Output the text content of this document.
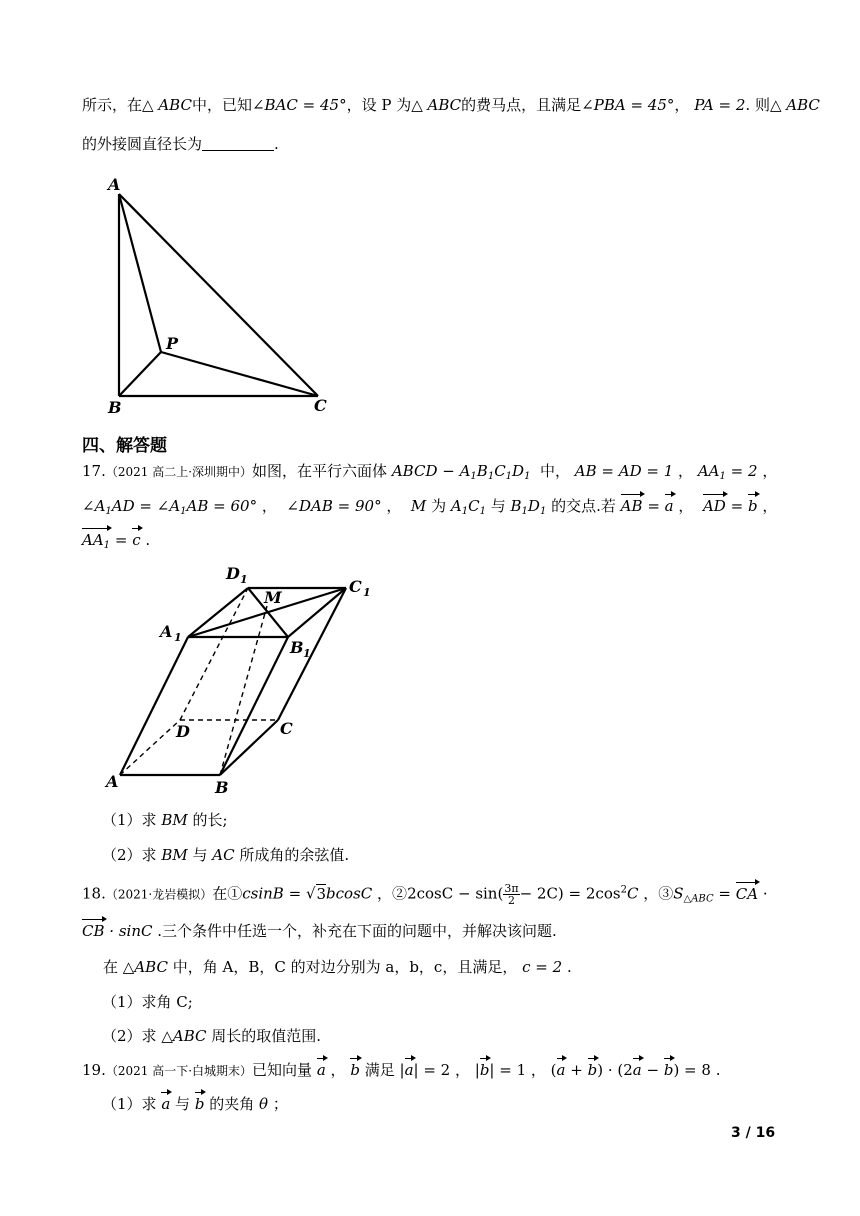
所示，在△ ABC中，已知∠BAC = 45°，设 P 为△ ABC的费马点，且满足∠PBA = 45°， PA = 2. 则△ ABC
的外接圆直径长为	.
A
B	C
P
四、解答题
17.（2021 高二上·深圳期中）如图，在平行六面体 ABCD − $A_1B_1C_1D_1$ 中， AB = AD = 1 ， $AA_1 = 2$ ，
$\angle A_1AD$ = $\angle A_1AB = 60^\circ$ ， ∠DAB = 90° ， M 为 $A_1C_1$ 与 $B_1D_1$ 的交点.若 AB = a ， AD = b ，
$AA_1 = c$ .
D 1	C 1
M
A 1
B 1
D	C
A	B
（1）求 BM 的长;
（2）求 BM 与 AC 所成角的余弦值.
18.（2021·龙岩模拟）在①csinB = √3bcosC ，②2cosC − $\sin( \frac{3\pi}{2} - 2C) = 2\cos^2C$ ，$③S_{\triangle ABC}$ = CA ·
CB · sinC .三个条件中任选一个，补充在下面的问题中，并解决该问题.
在 △ABC 中，角 A，B，C 的对边分别为 a，b，c，且满足， c = 2 .
（1）求角 C;
（2）求 △ABC 周长的取值范围.
19.（2021 高一下·白城期末）已知向量 a ， b 满足 |a| = 2 ， |b| = 1 ， (a + b) · (2a − b) = 8 .
（1）求 a 与 b 的夹角 θ ；
3 / 16
